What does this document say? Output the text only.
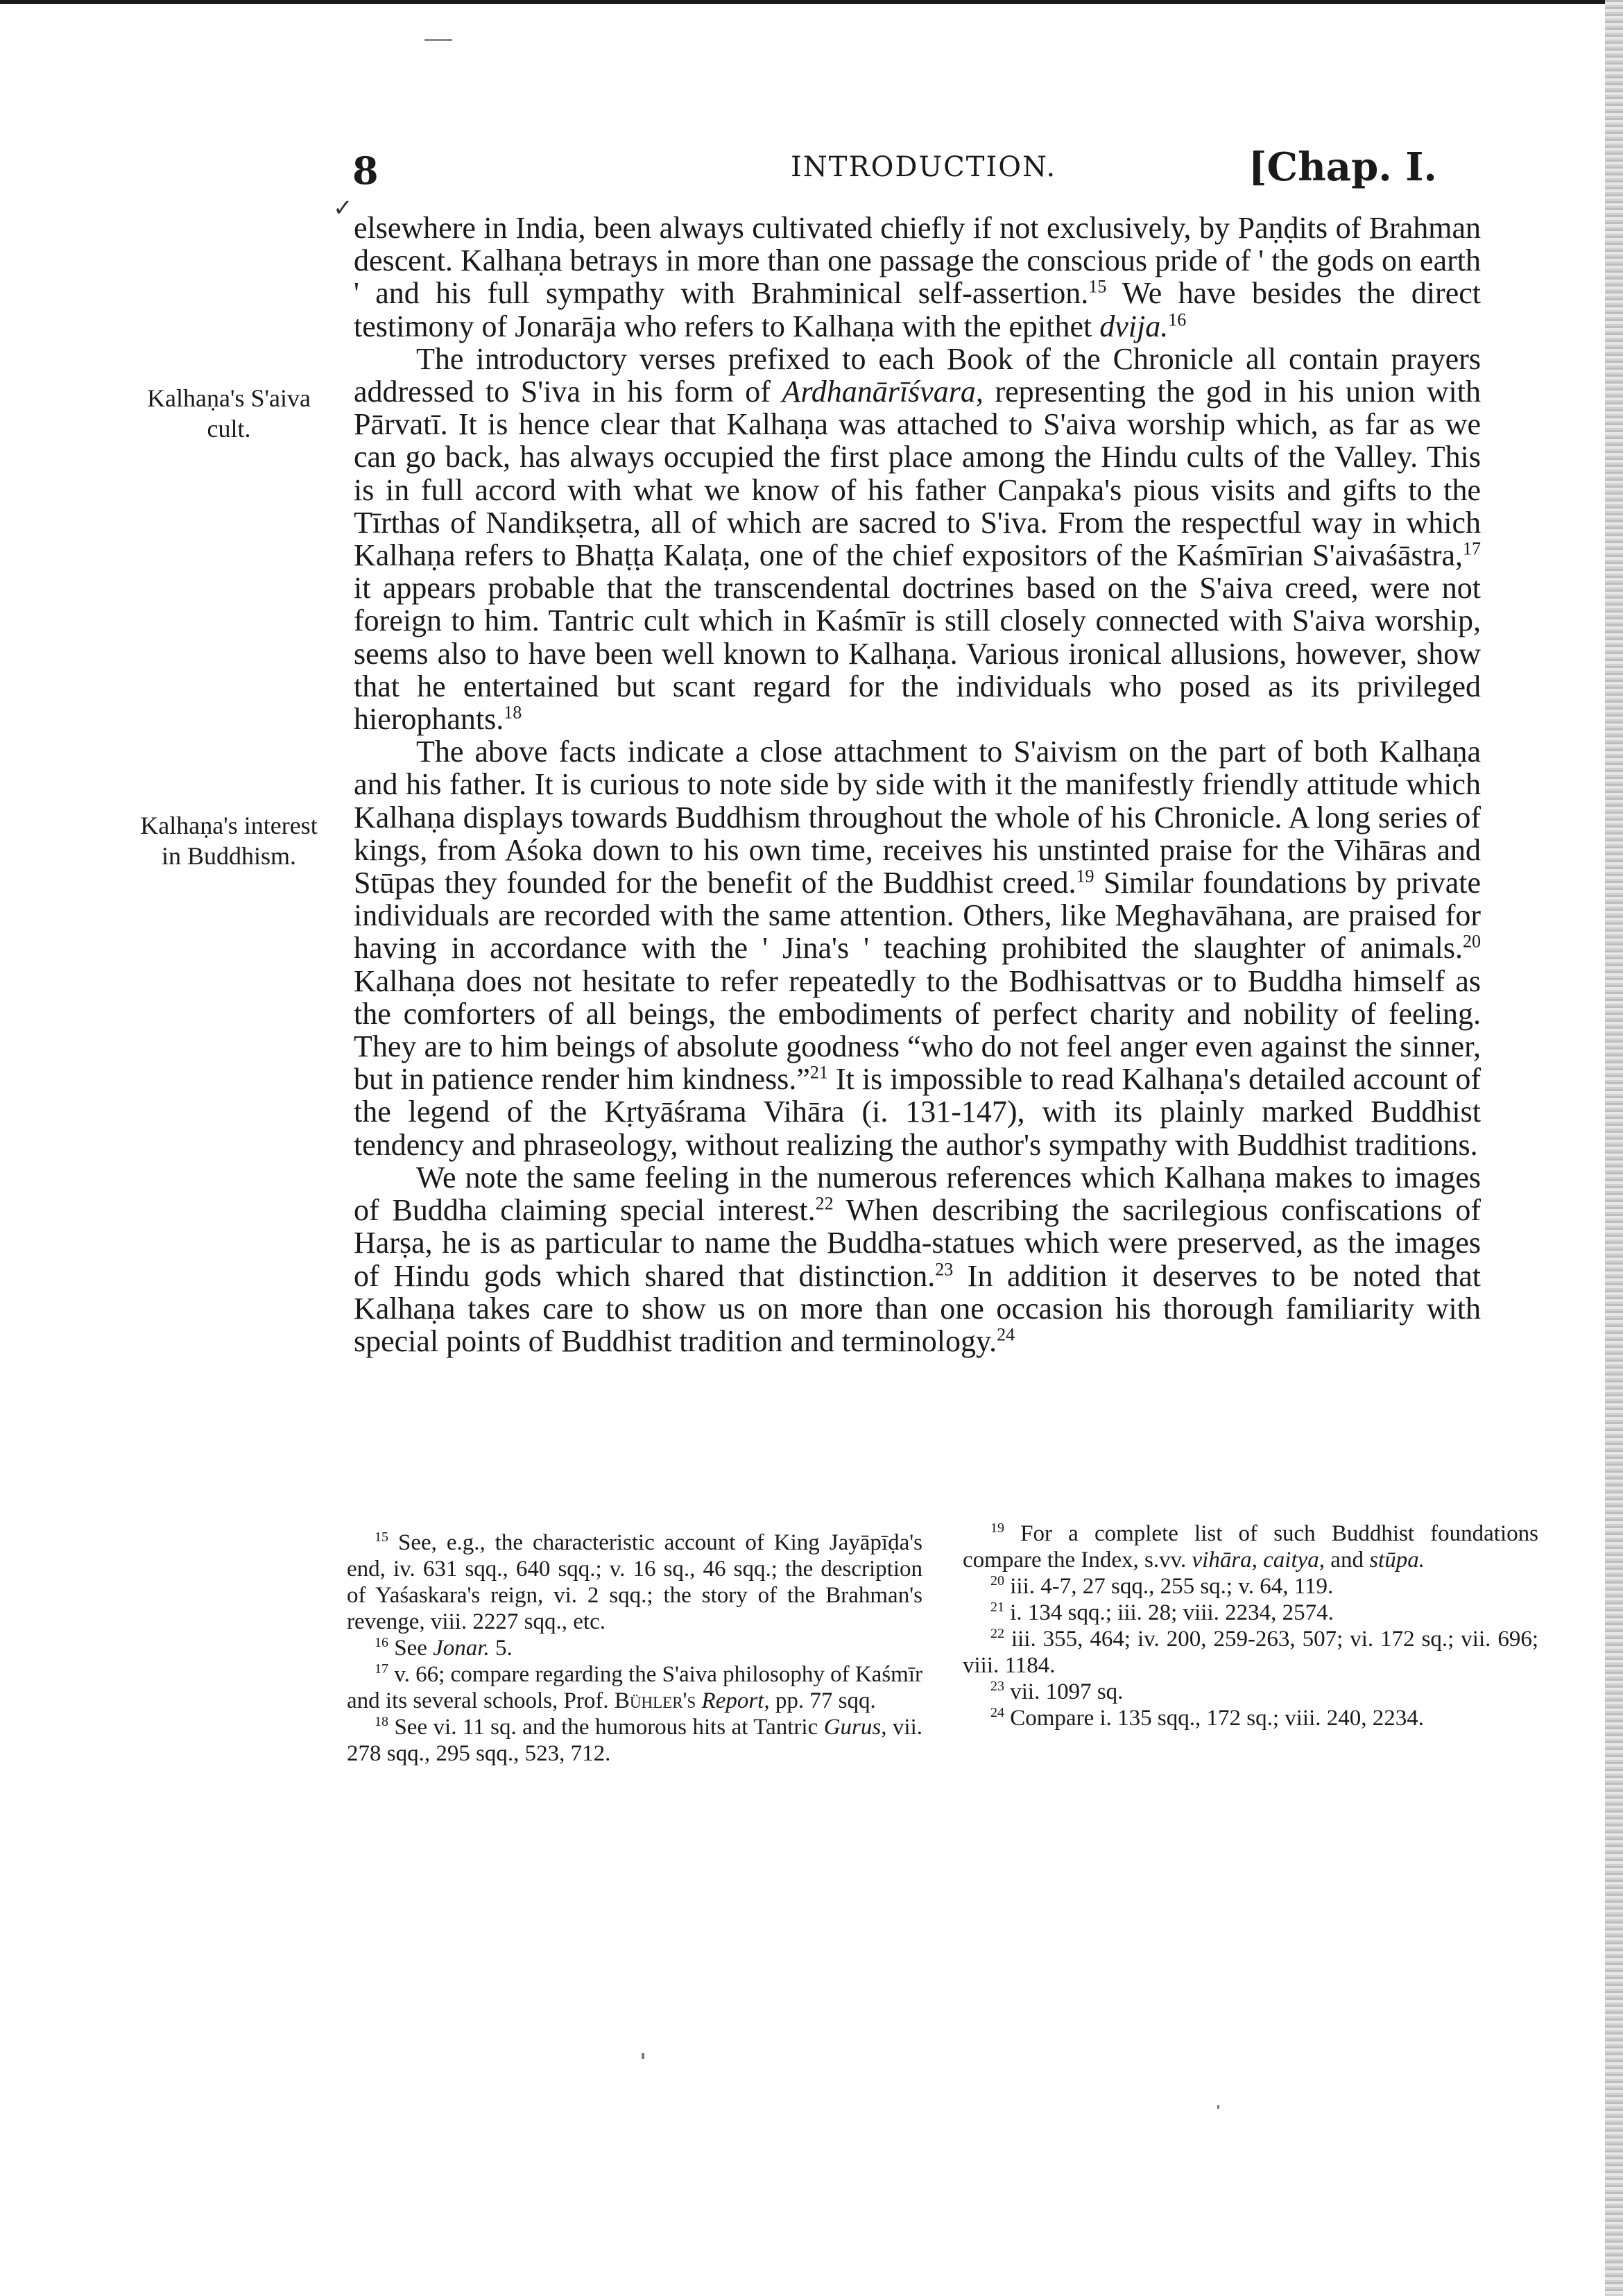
8	INTRODUCTION.	[Chap. I.
✓
Kalhaṇa's S'aiva cult.
Kalhaṇa's interest in Buddhism.

elsewhere in India, been always cultivated chiefly if not exclusively, by Paṇḍits of Brahman descent. Kalhaṇa betrays in more than one passage the conscious pride of ' the gods on earth ' and his full sympathy with Brahminical self-assertion.$^{15}$ We have besides the direct testimony of Jonarāja who refers to Kalhaṇa with the epithet dvija.$^{16}$

The introductory verses prefixed to each Book of the Chronicle all contain prayers addressed to S'iva in his form of Ardhanārīśvara, representing the god in his union with Pārvatī. It is hence clear that Kalhaṇa was attached to S'aiva worship which, as far as we can go back, has always occupied the first place among the Hindu cults of the Valley. This is in full accord with what we know of his father Canpaka's pious visits and gifts to the Tīrthas of Nandikṣetra, all of which are sacred to S'iva. From the respectful way in which Kalhaṇa refers to Bhaṭṭa Kalaṭa, one of the chief expositors of the Kaśmīrian S'aivaśāstra,$^{17}$ it appears probable that the transcendental doctrines based on the S'aiva creed, were not foreign to him. Tantric cult which in Kaśmīr is still closely connected with S'aiva worship, seems also to have been well known to Kalhaṇa. Various ironical allusions, however, show that he entertained but scant regard for the individuals who posed as its privileged hierophants.$^{18}$

The above facts indicate a close attachment to S'aivism on the part of both Kalhaṇa and his father. It is curious to note side by side with it the manifestly friendly attitude which Kalhaṇa displays towards Buddhism throughout the whole of his Chronicle. A long series of kings, from Aśoka down to his own time, receives his unstinted praise for the Vihāras and Stūpas they founded for the benefit of the Buddhist creed.$^{19}$ Similar foundations by private individuals are recorded with the same attention. Others, like Meghavāhana, are praised for having in accordance with the ' Jina's ' teaching prohibited the slaughter of animals.$^{20}$ Kalhaṇa does not hesitate to refer repeatedly to the Bodhisattvas or to Buddha himself as the comforters of all beings, the embodiments of perfect charity and nobility of feeling. They are to him beings of absolute goodness “who do not feel anger even against the sinner, but in patience render him kindness.”$^{21}$ It is impossible to read Kalhaṇa's detailed account of the legend of the Kṛtyāśrama Vihāra (i. 131-147), with its plainly marked Buddhist tendency and phraseology, without realizing the author's sympathy with Buddhist traditions.

We note the same feeling in the numerous references which Kalhaṇa makes to images of Buddha claiming special interest.$^{22}$ When describing the sacrilegious confiscations of Harṣa, he is as particular to name the Buddha-statues which were preserved, as the images of Hindu gods which shared that distinction.$^{23}$ In addition it deserves to be noted that Kalhaṇa takes care to show us on more than one occasion his thorough familiarity with special points of Buddhist tradition and terminology.$^{24}$

$^{15}$ See, e.g., the characteristic account of King Jayāpīḍa's end, iv. 631 sqq., 640 sqq.; v. 16 sq., 46 sqq.; the description of Yaśaskara's reign, vi. 2 sqq.; the story of the Brahman's revenge, viii. 2227 sqq., etc.

$^{16}$ See Jonar. 5.

$^{17}$ v. 66; compare regarding the S'aiva philosophy of Kaśmīr and its several schools, Prof. Bühler's Report, pp. 77 sqq.

$^{18}$ See vi. 11 sq. and the humorous hits at Tantric Gurus, vii. 278 sqq., 295 sqq., 523, 712.

$^{19}$ For a complete list of such Buddhist foundations compare the Index, s.vv. vihāra, caitya, and stūpa.

$^{20}$ iii. 4-7, 27 sqq., 255 sq.; v. 64, 119.

$^{21}$ i. 134 sqq.; iii. 28; viii. 2234, 2574.

$^{22}$ iii. 355, 464; iv. 200, 259-263, 507; vi. 172 sq.; vii. 696; viii. 1184.

$^{23}$ vii. 1097 sq.

$^{24}$ Compare i. 135 sqq., 172 sq.; viii. 240, 2234.
